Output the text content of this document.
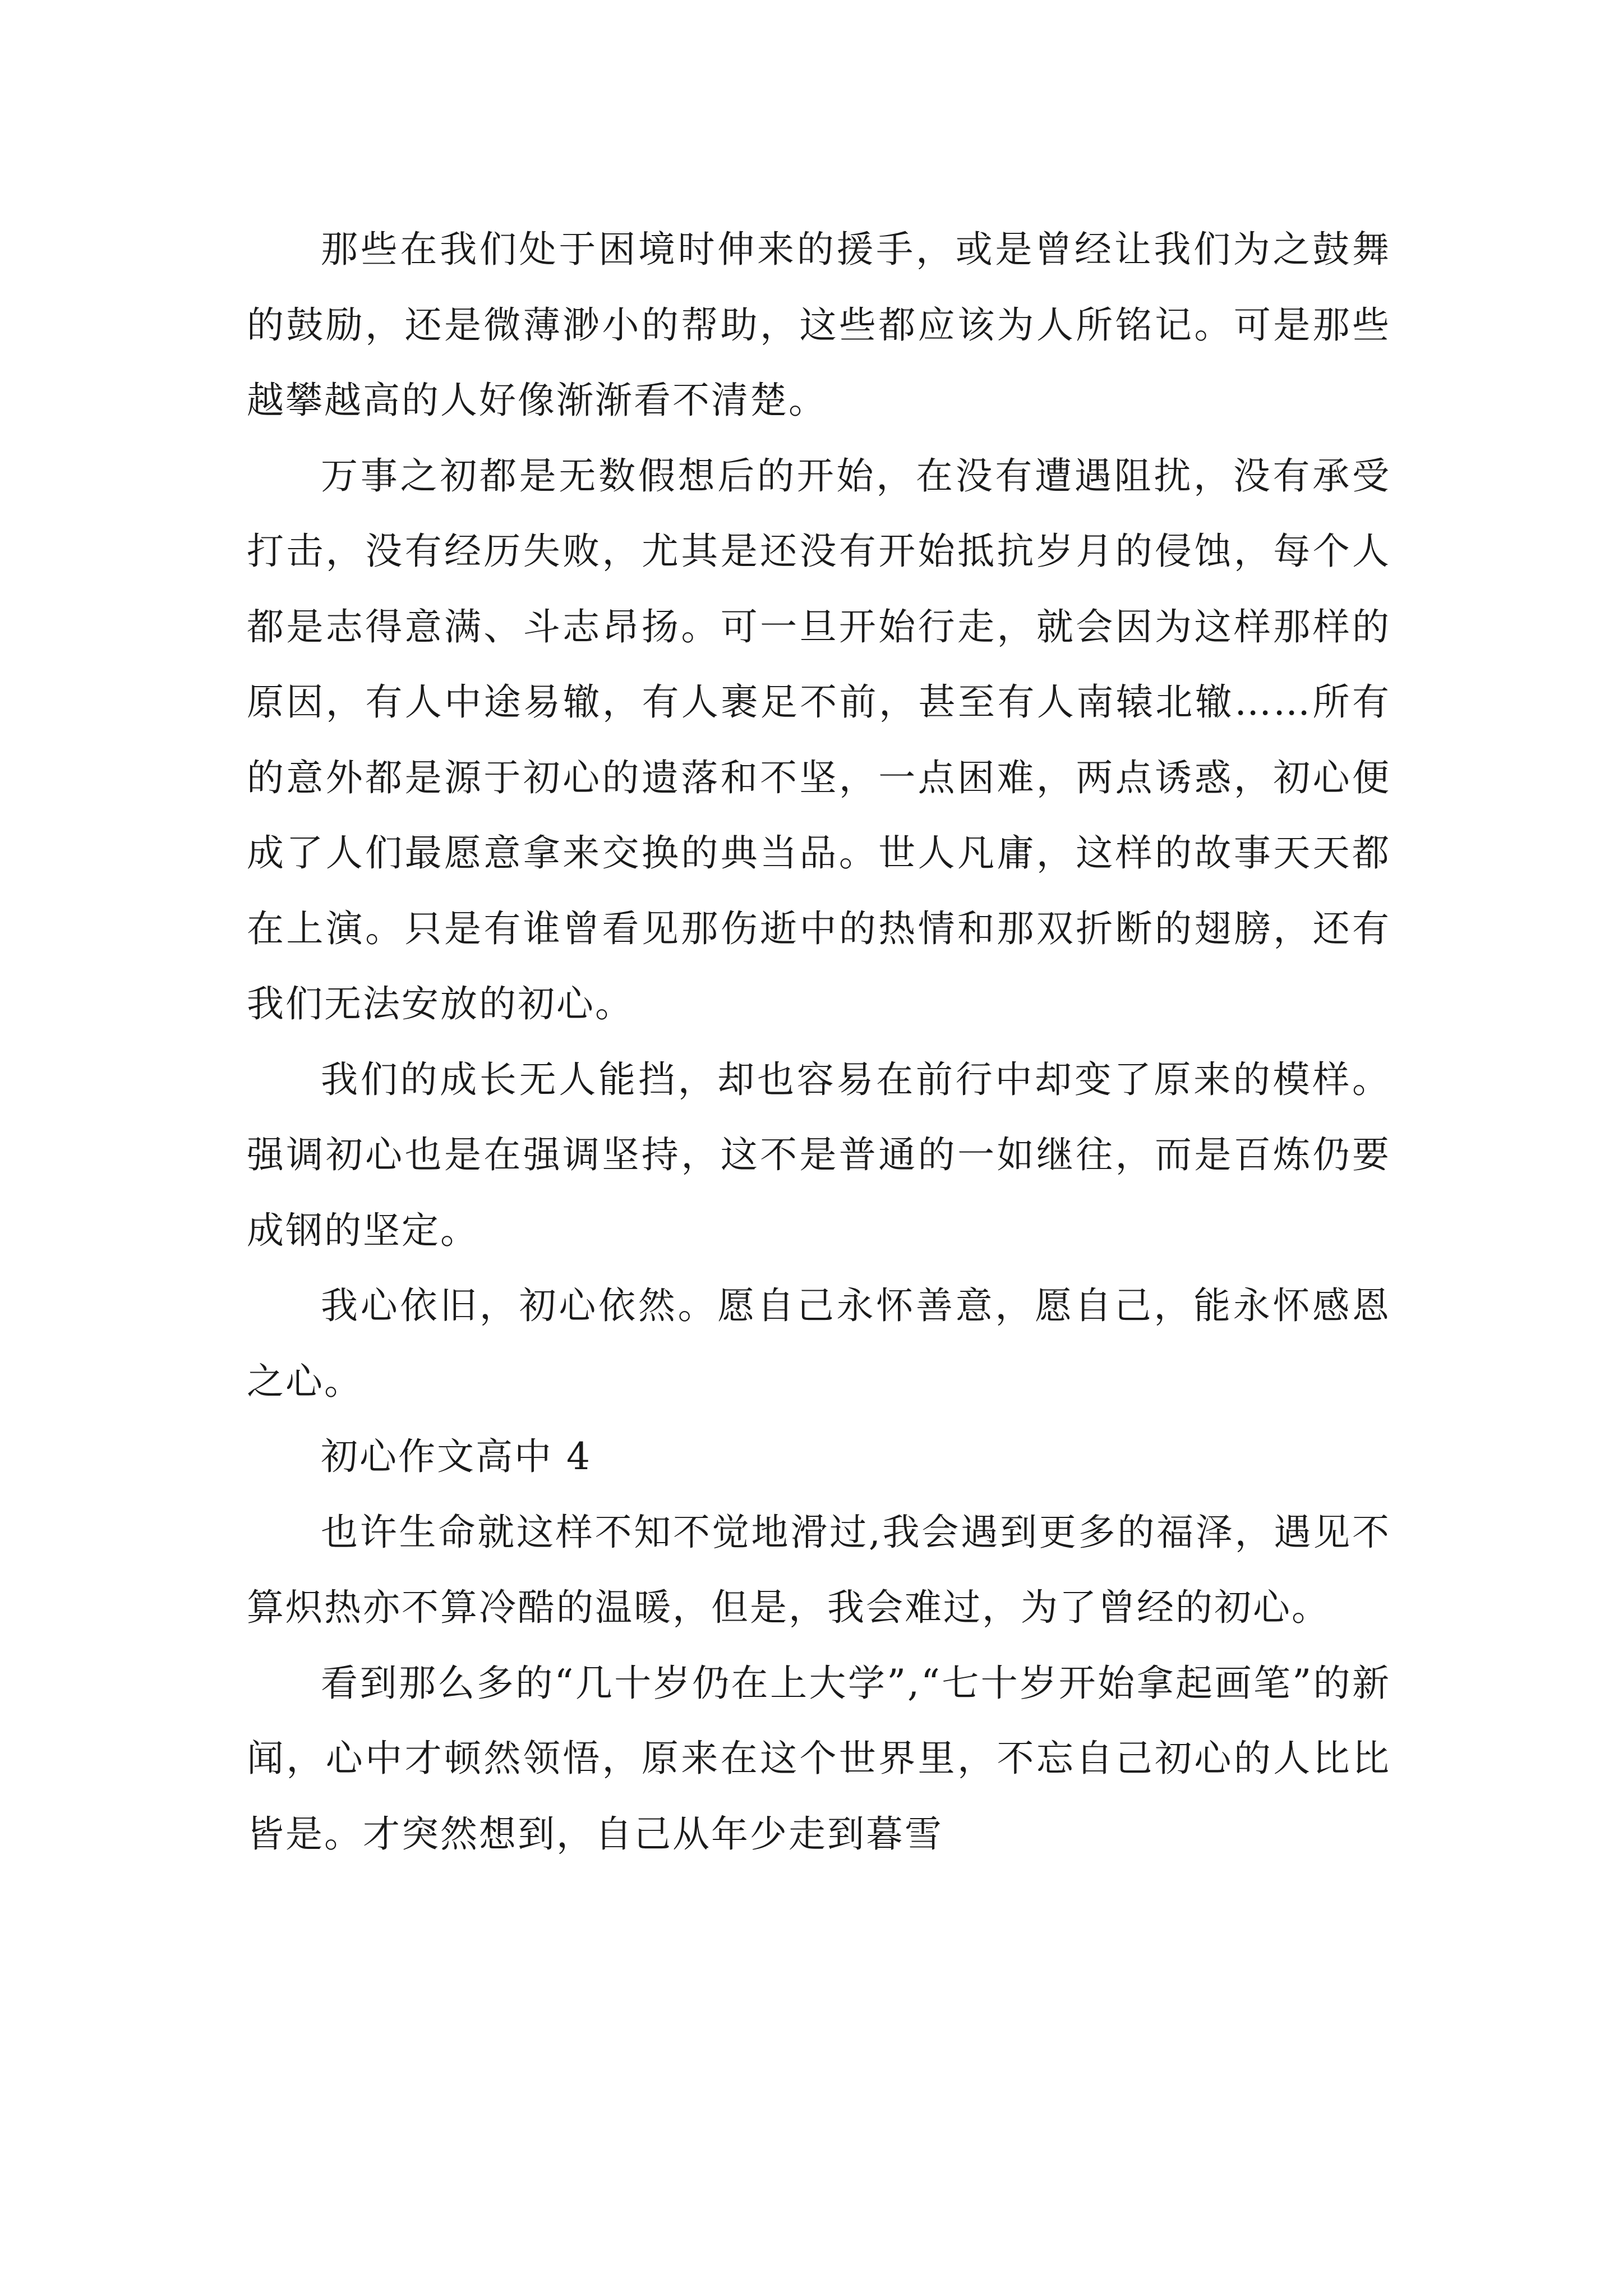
那些在我们处于困境时伸来的援手，或是曾经让我们为之鼓舞的鼓励，还是微薄渺小的帮助，这些都应该为人所铭记。可是那些越攀越高的人好像渐渐看不清楚。

万事之初都是无数假想后的开始，在没有遭遇阻扰，没有承受打击，没有经历失败，尤其是还没有开始抵抗岁月的侵蚀，每个人都是志得意满、斗志昂扬。可一旦开始行走，就会因为这样那样的原因，有人中途易辙，有人裹足不前，甚至有人南辕北辙……所有的意外都是源于初心的遗落和不坚，一点困难，两点诱惑，初心便成了人们最愿意拿来交换的典当品。世人凡庸，这样的故事天天都在上演。只是有谁曾看见那伤逝中的热情和那双折断的翅膀，还有我们无法安放的初心。

我们的成长无人能挡，却也容易在前行中却变了原来的模样。强调初心也是在强调坚持，这不是普通的一如继往，而是百炼仍要成钢的坚定。

我心依旧，初心依然。愿自己永怀善意，愿自己，能永怀感恩之心。

初心作文高中 4

也许生命就这样不知不觉地滑过,我会遇到更多的福泽，遇见不算炽热亦不算冷酷的温暖，但是，我会难过，为了曾经的初心。

看到那么多的“几十岁仍在上大学”,“七十岁开始拿起画笔”的新闻，心中才顿然领悟，原来在这个世界里，不忘自己初心的人比比皆是。才突然想到，自己从年少走到暮雪
